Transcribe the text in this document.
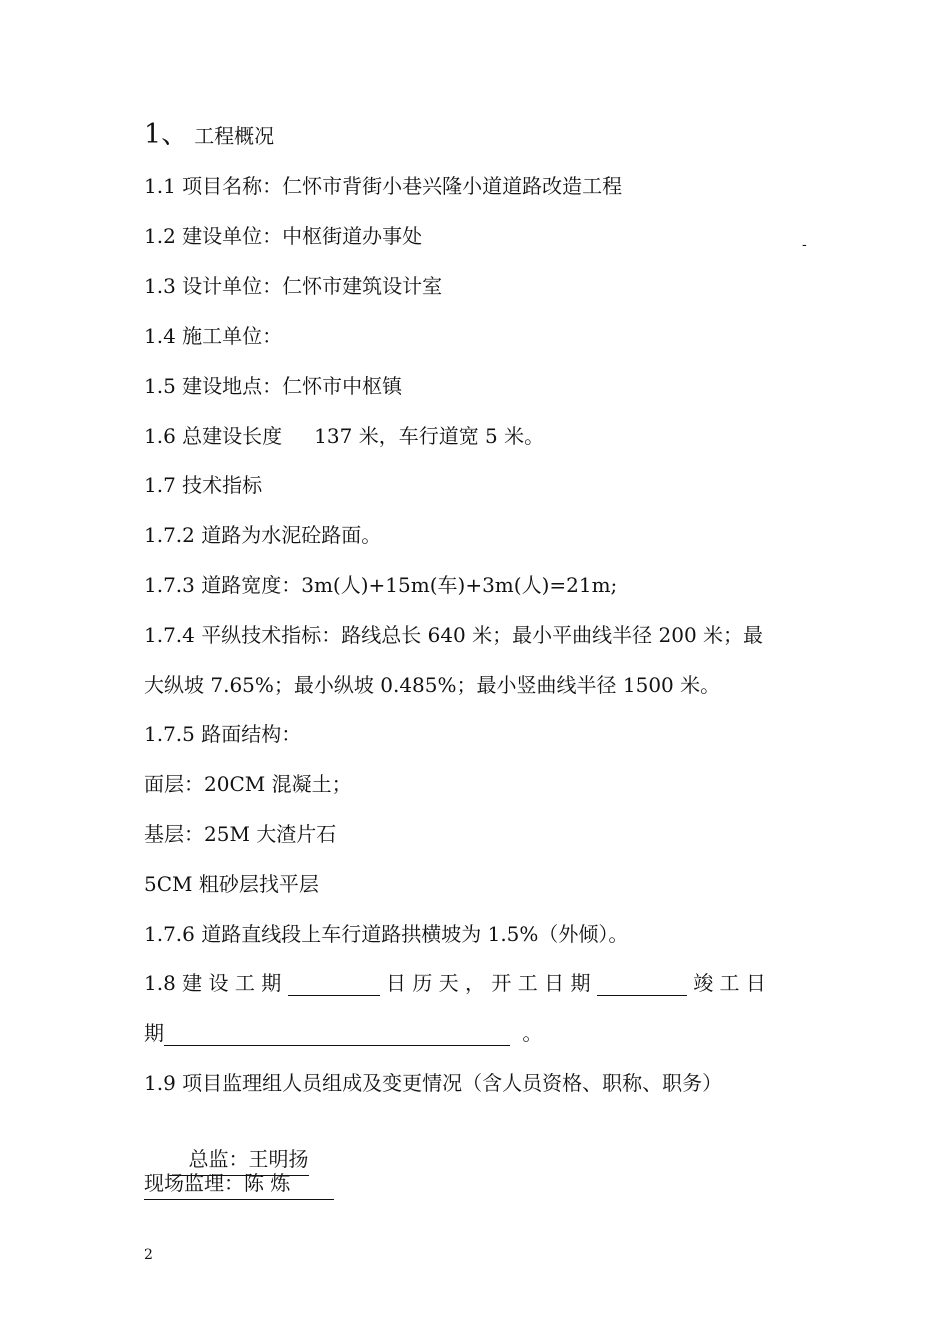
1、 工程概况
1.1 项目名称：仁怀市背街小巷兴隆小道道路改造工程
1.2 建设单位：中枢街道办事处	-
1.3 设计单位：仁怀市建筑设计室
1.4 施工单位：
1.5 建设地点：仁怀市中枢镇
1.6 总建设长度 137 米，车行道宽 5 米。
1.7 技术指标
1.7.2 道路为水泥砼路面。
1.7.3 道路宽度：3m(人)+15m(车)+3m(人)=21m;
1.7.4 平纵技术指标：路线总长 640 米；最小平曲线半径 200 米；最
大纵坡 7.65%；最小纵坡 0.485%；最小竖曲线半径 1500 米。
1.7.5 路面结构：
面层：20CM 混凝土；
基层：25M 大渣片石
5CM 粗砂层找平层
1.7.6 道路直线段上车行道路拱横坡为 1.5%（外倾）。
1.8 建 设 工 期	日 历 天 ， 开 工 日 期	竣 工 日
期	。
1.9 项目监理组人员组成及变更情况（含人员资格、职称、职务）

总监：王明扬

现场监理：陈 炼
2
